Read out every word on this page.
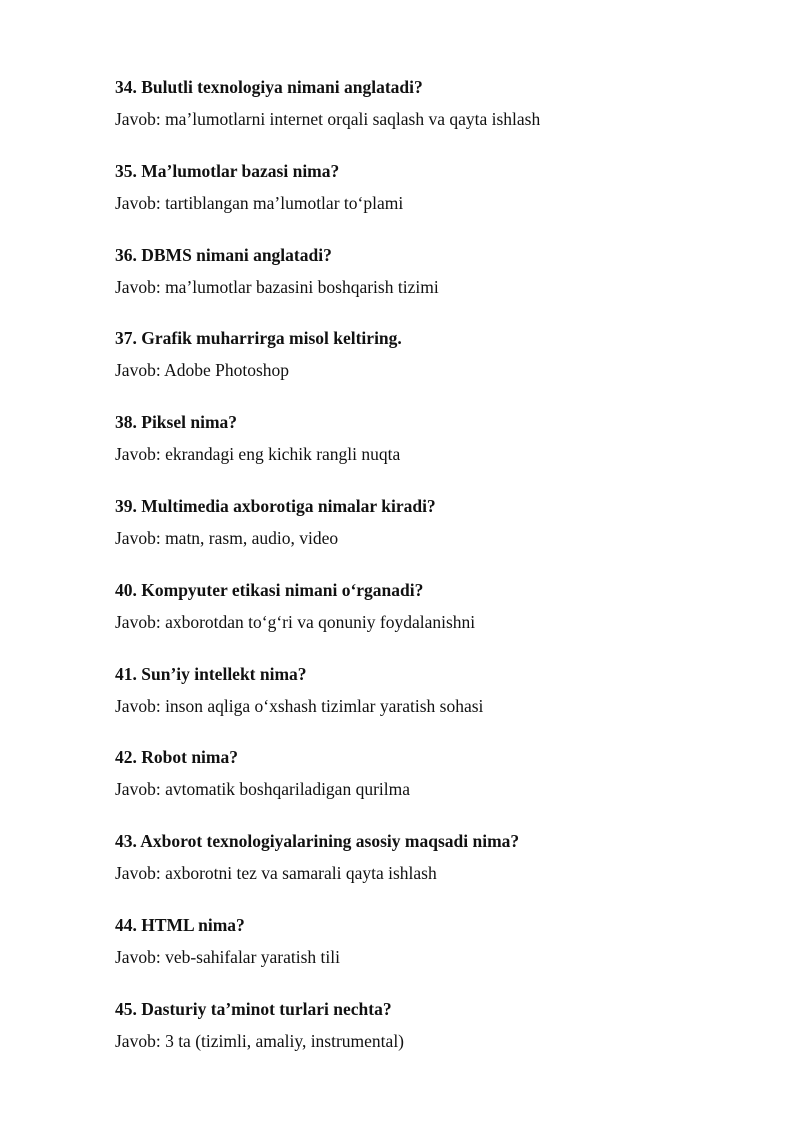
34. Bulutli texnologiya nimani anglatadi?

Javob: ma’lumotlarni internet orqali saqlash va qayta ishlash

35. Ma’lumotlar bazasi nima?

Javob: tartiblangan ma’lumotlar to‘plami

36. DBMS nimani anglatadi?

Javob: ma’lumotlar bazasini boshqarish tizimi

37. Grafik muharrirga misol keltiring.

Javob: Adobe Photoshop

38. Piksel nima?

Javob: ekrandagi eng kichik rangli nuqta

39. Multimedia axborotiga nimalar kiradi?

Javob: matn, rasm, audio, video

40. Kompyuter etikasi nimani o‘rganadi?

Javob: axborotdan to‘g‘ri va qonuniy foydalanishni

41. Sun’iy intellekt nima?

Javob: inson aqliga o‘xshash tizimlar yaratish sohasi

42. Robot nima?

Javob: avtomatik boshqariladigan qurilma

43. Axborot texnologiyalarining asosiy maqsadi nima?

Javob: axborotni tez va samarali qayta ishlash

44. HTML nima?

Javob: veb-sahifalar yaratish tili

45. Dasturiy ta’minot turlari nechta?

Javob: 3 ta (tizimli, amaliy, instrumental)
